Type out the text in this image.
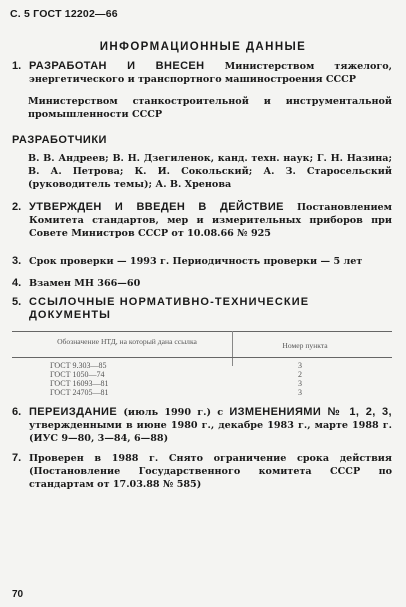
С. 5 ГОСТ 12202—66
ИНФОРМАЦИОННЫЕ ДАННЫЕ
1. РАЗРАБОТАН И ВНЕСЕН Министерством тяжелого, энергетического и транспортного машиностроения СССР
Министерством станкостроительной и инструментальной промышленности СССР
РАЗРАБОТЧИКИ
В. В. Андреев; В. Н. Дзегиленок, канд. техн. наук; Г. Н. Назина; В. А. Петрова; К. И. Сокольский; А. З. Старосельский (руководитель темы); А. В. Хренова
2. УТВЕРЖДЕН И ВВЕДЕН В ДЕЙСТВИЕ Постановлением Комитета стандартов, мер и измерительных приборов при Совете Министров СССР от 10.08.66 № 925
3. Срок проверки — 1993 г. Периодичность проверки — 5 лет
4. Взамен МН 366—60
5. ССЫЛОЧНЫЕ НОРМАТИВНО-ТЕХНИЧЕСКИЕ ДОКУМЕНТЫ
Обозначение НТД, на который дана ссылка	Номер пункта
ГОСТ 9.303—85	3
ГОСТ 1050—74	2
ГОСТ 16093—81	3
ГОСТ 24705—81	3
6. ПЕРЕИЗДАНИЕ (июль 1990 г.) с ИЗМЕНЕНИЯМИ № 1, 2, 3, утвержденными в июне 1980 г., декабре 1983 г., марте 1988 г. (ИУС 9—80, 3—84, 6—88)
7. Проверен в 1988 г. Снято ограничение срока действия (Постановление Государственного комитета СССР по стандартам от 17.03.88 № 585)
70
